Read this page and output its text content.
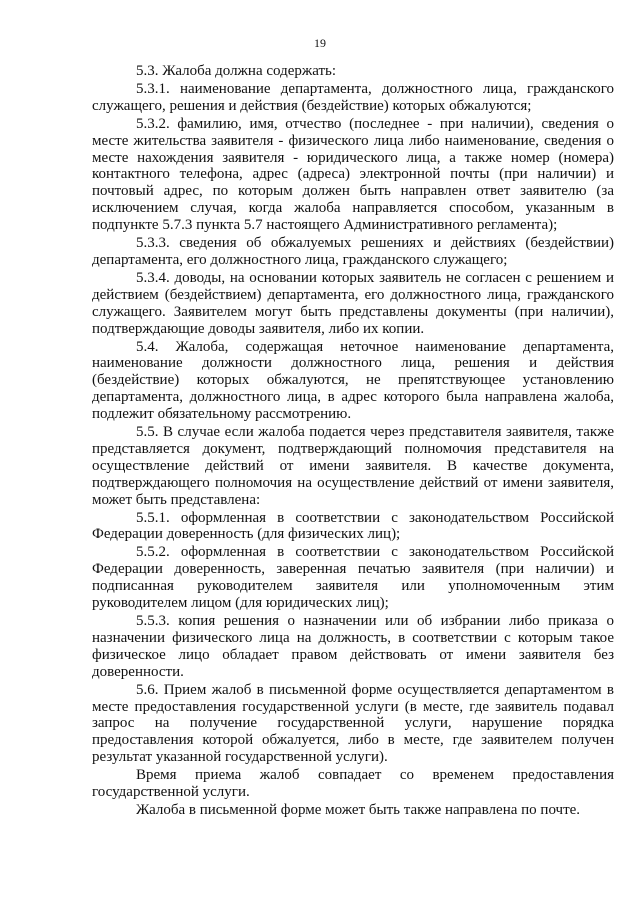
19
5.3. Жалоба должна содержать:
5.3.1. наименование департамента, должностного лица, гражданского
служащего, решения и действия (бездействие) которых обжалуются;
5.3.2. фамилию, имя, отчество (последнее - при наличии), сведения о
месте жительства заявителя - физического лица либо наименование, сведения о
месте нахождения заявителя - юридического лица, а также номер (номера)
контактного телефона, адрес (адреса) электронной почты (при наличии) и
почтовый адрес, по которым должен быть направлен ответ заявителю (за
исключением случая, когда жалоба направляется способом, указанным в
подпункте 5.7.3 пункта 5.7 настоящего Административного регламента);
5.3.3. сведения об обжалуемых решениях и действиях (бездействии)
департамента, его должностного лица, гражданского служащего;
5.3.4. доводы, на основании которых заявитель не согласен с решением и
действием (бездействием) департамента, его должностного лица, гражданского
служащего. Заявителем могут быть представлены документы (при наличии),
подтверждающие доводы заявителя, либо их копии.
5.4. Жалоба, содержащая неточное наименование департамента,
наименование должности должностного лица, решения и действия
(бездействие) которых обжалуются, не препятствующее установлению
департамента, должностного лица, в адрес которого была направлена жалоба,
подлежит обязательному рассмотрению.
5.5. В случае если жалоба подается через представителя заявителя, также
представляется документ, подтверждающий полномочия представителя на
осуществление действий от имени заявителя. В качестве документа,
подтверждающего полномочия на осуществление действий от имени заявителя,
может быть представлена:
5.5.1. оформленная в соответствии с законодательством Российской
Федерации доверенность (для физических лиц);
5.5.2. оформленная в соответствии с законодательством Российской
Федерации доверенность, заверенная печатью заявителя (при наличии) и
подписанная руководителем заявителя или уполномоченным этим
руководителем лицом (для юридических лиц);
5.5.3. копия решения о назначении или об избрании либо приказа о
назначении физического лица на должность, в соответствии с которым такое
физическое лицо обладает правом действовать от имени заявителя без
доверенности.
5.6. Прием жалоб в письменной форме осуществляется департаментом в
месте предоставления государственной услуги (в месте, где заявитель подавал
запрос на получение государственной услуги, нарушение порядка
предоставления которой обжалуется, либо в месте, где заявителем получен
результат указанной государственной услуги).
Время приема жалоб совпадает со временем предоставления
государственной услуги.
Жалоба в письменной форме может быть также направлена по почте.
